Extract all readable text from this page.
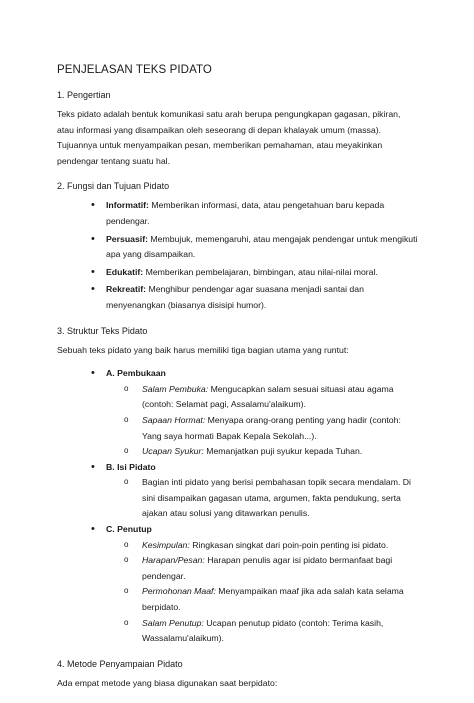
PENJELASAN TEKS PIDATO
1. Pengertian

Teks pidato adalah bentuk komunikasi satu arah berupa pengungkapan gagasan, pikiran, atau informasi yang disampaikan oleh seseorang di depan khalayak umum (massa). Tujuannya untuk menyampaikan pesan, memberikan pemahaman, atau meyakinkan pendengar tentang suatu hal.

2. Fungsi dan Tujuan Pidato
• Informatif: Memberikan informasi, data, atau pengetahuan baru kepada pendengar.
• Persuasif: Membujuk, memengaruhi, atau mengajak pendengar untuk mengikuti apa yang disampaikan.
• Edukatif: Memberikan pembelajaran, bimbingan, atau nilai-nilai moral.
• Rekreatif: Menghibur pendengar agar suasana menjadi santai dan menyenangkan (biasanya disisipi humor).
3. Struktur Teks Pidato

Sebuah teks pidato yang baik harus memiliki tiga bagian utama yang runtut:

• A. Pembukaan
o Salam Pembuka: Mengucapkan salam sesuai situasi atau agama (contoh: Selamat pagi, Assalamu'alaikum).
o Sapaan Hormat: Menyapa orang-orang penting yang hadir (contoh: Yang saya hormati Bapak Kepala Sekolah...).
o Ucapan Syukur: Memanjatkan puji syukur kepada Tuhan.
• B. Isi Pidato
o Bagian inti pidato yang berisi pembahasan topik secara mendalam. Di sini disampaikan gagasan utama, argumen, fakta pendukung, serta ajakan atau solusi yang ditawarkan penulis.
• C. Penutup
o Kesimpulan: Ringkasan singkat dari poin-poin penting isi pidato.
o Harapan/Pesan: Harapan penulis agar isi pidato bermanfaat bagi pendengar.
o Permohonan Maaf: Menyampaikan maaf jika ada salah kata selama berpidato.
o Salam Penutup: Ucapan penutup pidato (contoh: Terima kasih, Wassalamu'alaikum).
4. Metode Penyampaian Pidato

Ada empat metode yang biasa digunakan saat berpidato:
